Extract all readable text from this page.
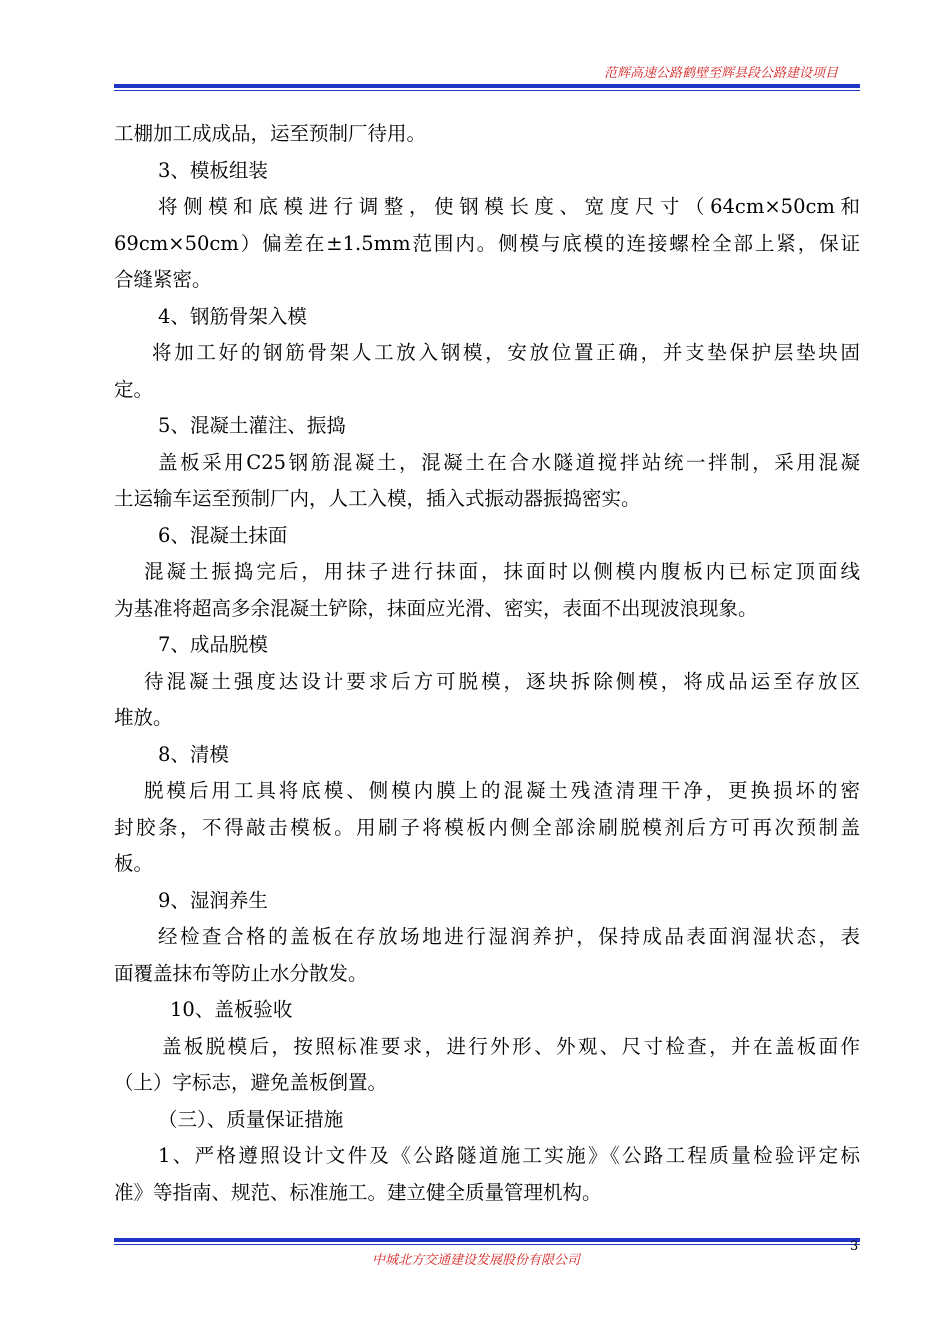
范辉高速公路鹤壁至辉县段公路建设项目
工棚加工成成品，运至预制厂待用。
3、模板组装
将侧模和底模进行调整，使钢模长度、宽度尺寸（64cm×50cm和
69cm×50cm）偏差在±1.5mm范围内。侧模与底模的连接螺栓全部上紧，保证
合缝紧密。
4、钢筋骨架入模
将加工好的钢筋骨架人工放入钢模，安放位置正确，并支垫保护层垫块固
定。
5、混凝土灌注、振捣
盖板采用C25钢筋混凝土，混凝土在合水隧道搅拌站统一拌制，采用混凝
土运输车运至预制厂内，人工入模，插入式振动器振捣密实。
6、混凝土抹面
混凝土振捣完后，用抹子进行抹面，抹面时以侧模内腹板内已标定顶面线
为基准将超高多余混凝土铲除，抹面应光滑、密实，表面不出现波浪现象。
7、成品脱模
待混凝土强度达设计要求后方可脱模，逐块拆除侧模，将成品运至存放区
堆放。
8、清模
脱模后用工具将底模、侧模内膜上的混凝土残渣清理干净，更换损坏的密
封胶条，不得敲击模板。用刷子将模板内侧全部涂刷脱模剂后方可再次预制盖
板。
9、湿润养生
经检查合格的盖板在存放场地进行湿润养护，保持成品表面润湿状态，表
面覆盖抹布等防止水分散发。
10、盖板验收
盖板脱模后，按照标准要求，进行外形、外观、尺寸检查，并在盖板面作
（上）字标志，避免盖板倒置。
（三）、质量保证措施
1、严格遵照设计文件及《公路隧道施工实施》《公路工程质量检验评定标
准》等指南、规范、标准施工。建立健全质量管理机构。
中城北方交通建设发展股份有限公司
3
